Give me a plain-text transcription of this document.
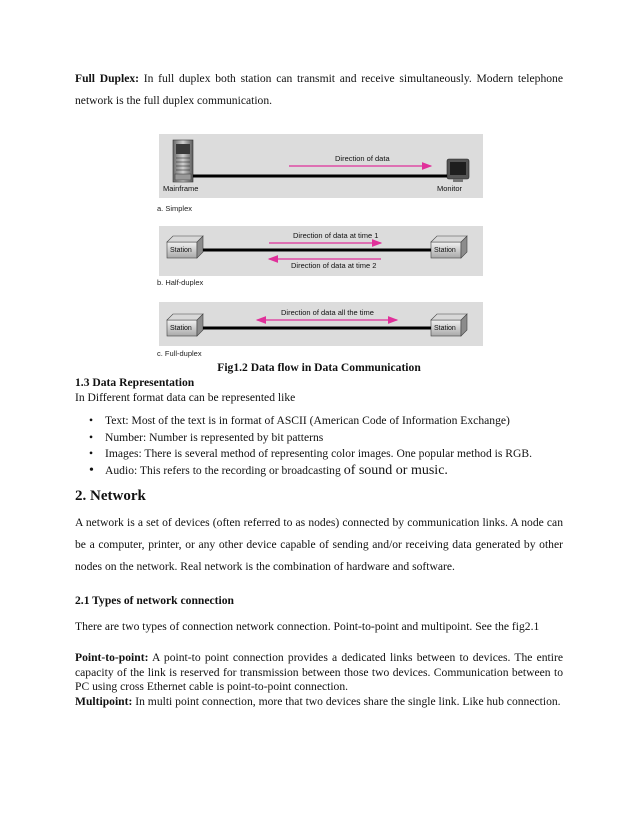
Full Duplex: In full duplex both station can transmit and receive simultaneously. Modern telephone network is the full duplex communication.

Mainframe	Monitor
Direction of data
a. Simplex
Station	Station
Direction of data at time 1
Direction of data at time 2
b. Half-duplex
Station	Station
Direction of data all the time
c. Full-duplex
Fig1.2 Data flow in Data Communication

1.3 Data Representation

In Different format data can be represented like

• Text: Most of the text is in format of ASCII (American Code of Information Exchange)
• Number: Number is represented by bit patterns
• Images: There is several method of representing color images. One popular method is RGB.
• Audio: This refers to the recording or broadcasting of sound or music.
2. Network

A network is a set of devices (often referred to as nodes) connected by communication links. A node can be a computer, printer, or any other device capable of sending and/or receiving data generated by other nodes on the network. Real network is the combination of hardware and software.

2.1 Types of network connection

There are two types of connection network connection. Point-to-point and multipoint. See the fig2.1

Point-to-point: A point-to point connection provides a dedicated links between to devices. The entire capacity of the link is reserved for transmission between those two devices. Communication between to PC using cross Ethernet cable is point-to-point connection.

Multipoint: In multi point connection, more that two devices share the single link. Like hub connection.
